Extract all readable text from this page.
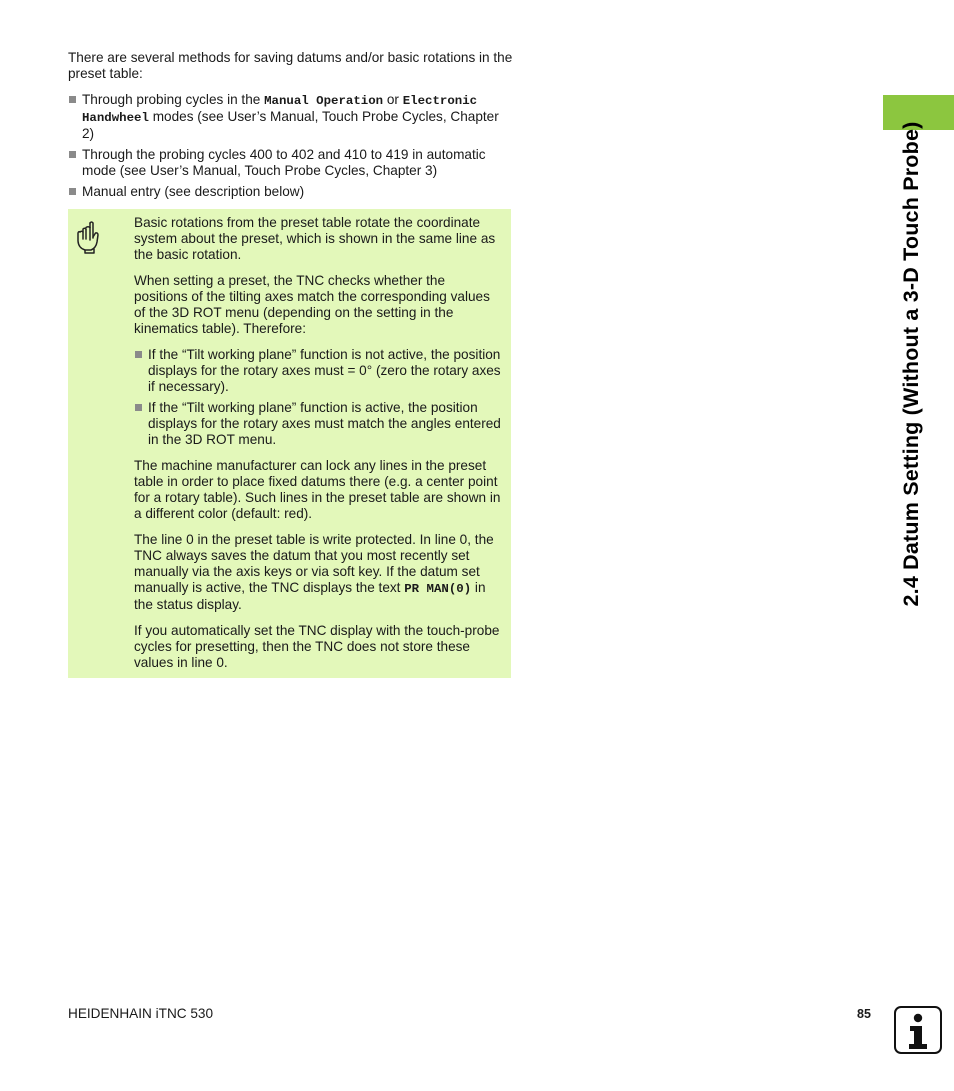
There are several methods for saving datums and/or basic rotations in the preset table:

Through probing cycles in the Manual Operation or Electronic Handwheel modes (see User’s Manual, Touch Probe Cycles, Chapter 2)
Through the probing cycles 400 to 402 and 410 to 419 in automatic mode (see User’s Manual, Touch Probe Cycles, Chapter 3)
Manual entry (see description below)

Basic rotations from the preset table rotate the coordinate system about the preset, which is shown in the same line as the basic rotation.

When setting a preset, the TNC checks whether the positions of the tilting axes match the corresponding values of the 3D ROT menu (depending on the setting in the kinematics table). Therefore:

If the “Tilt working plane” function is not active, the position displays for the rotary axes must = 0° (zero the rotary axes if necessary).
If the “Tilt working plane” function is active, the position displays for the rotary axes must match the angles entered in the 3D ROT menu.

The machine manufacturer can lock any lines in the preset table in order to place fixed datums there (e.g. a center point for a rotary table). Such lines in the preset table are shown in a different color (default: red).

The line 0 in the preset table is write protected. In line 0, the TNC always saves the datum that you most recently set manually via the axis keys or via soft key. If the datum set manually is active, the TNC displays the text PR MAN(0) in the status display.

If you automatically set the TNC display with the touch-probe cycles for presetting, then the TNC does not store these values in line 0.

2.4 Datum Setting (Without a 3-D Touch Probe)
HEIDENHAIN iTNC 530	85
